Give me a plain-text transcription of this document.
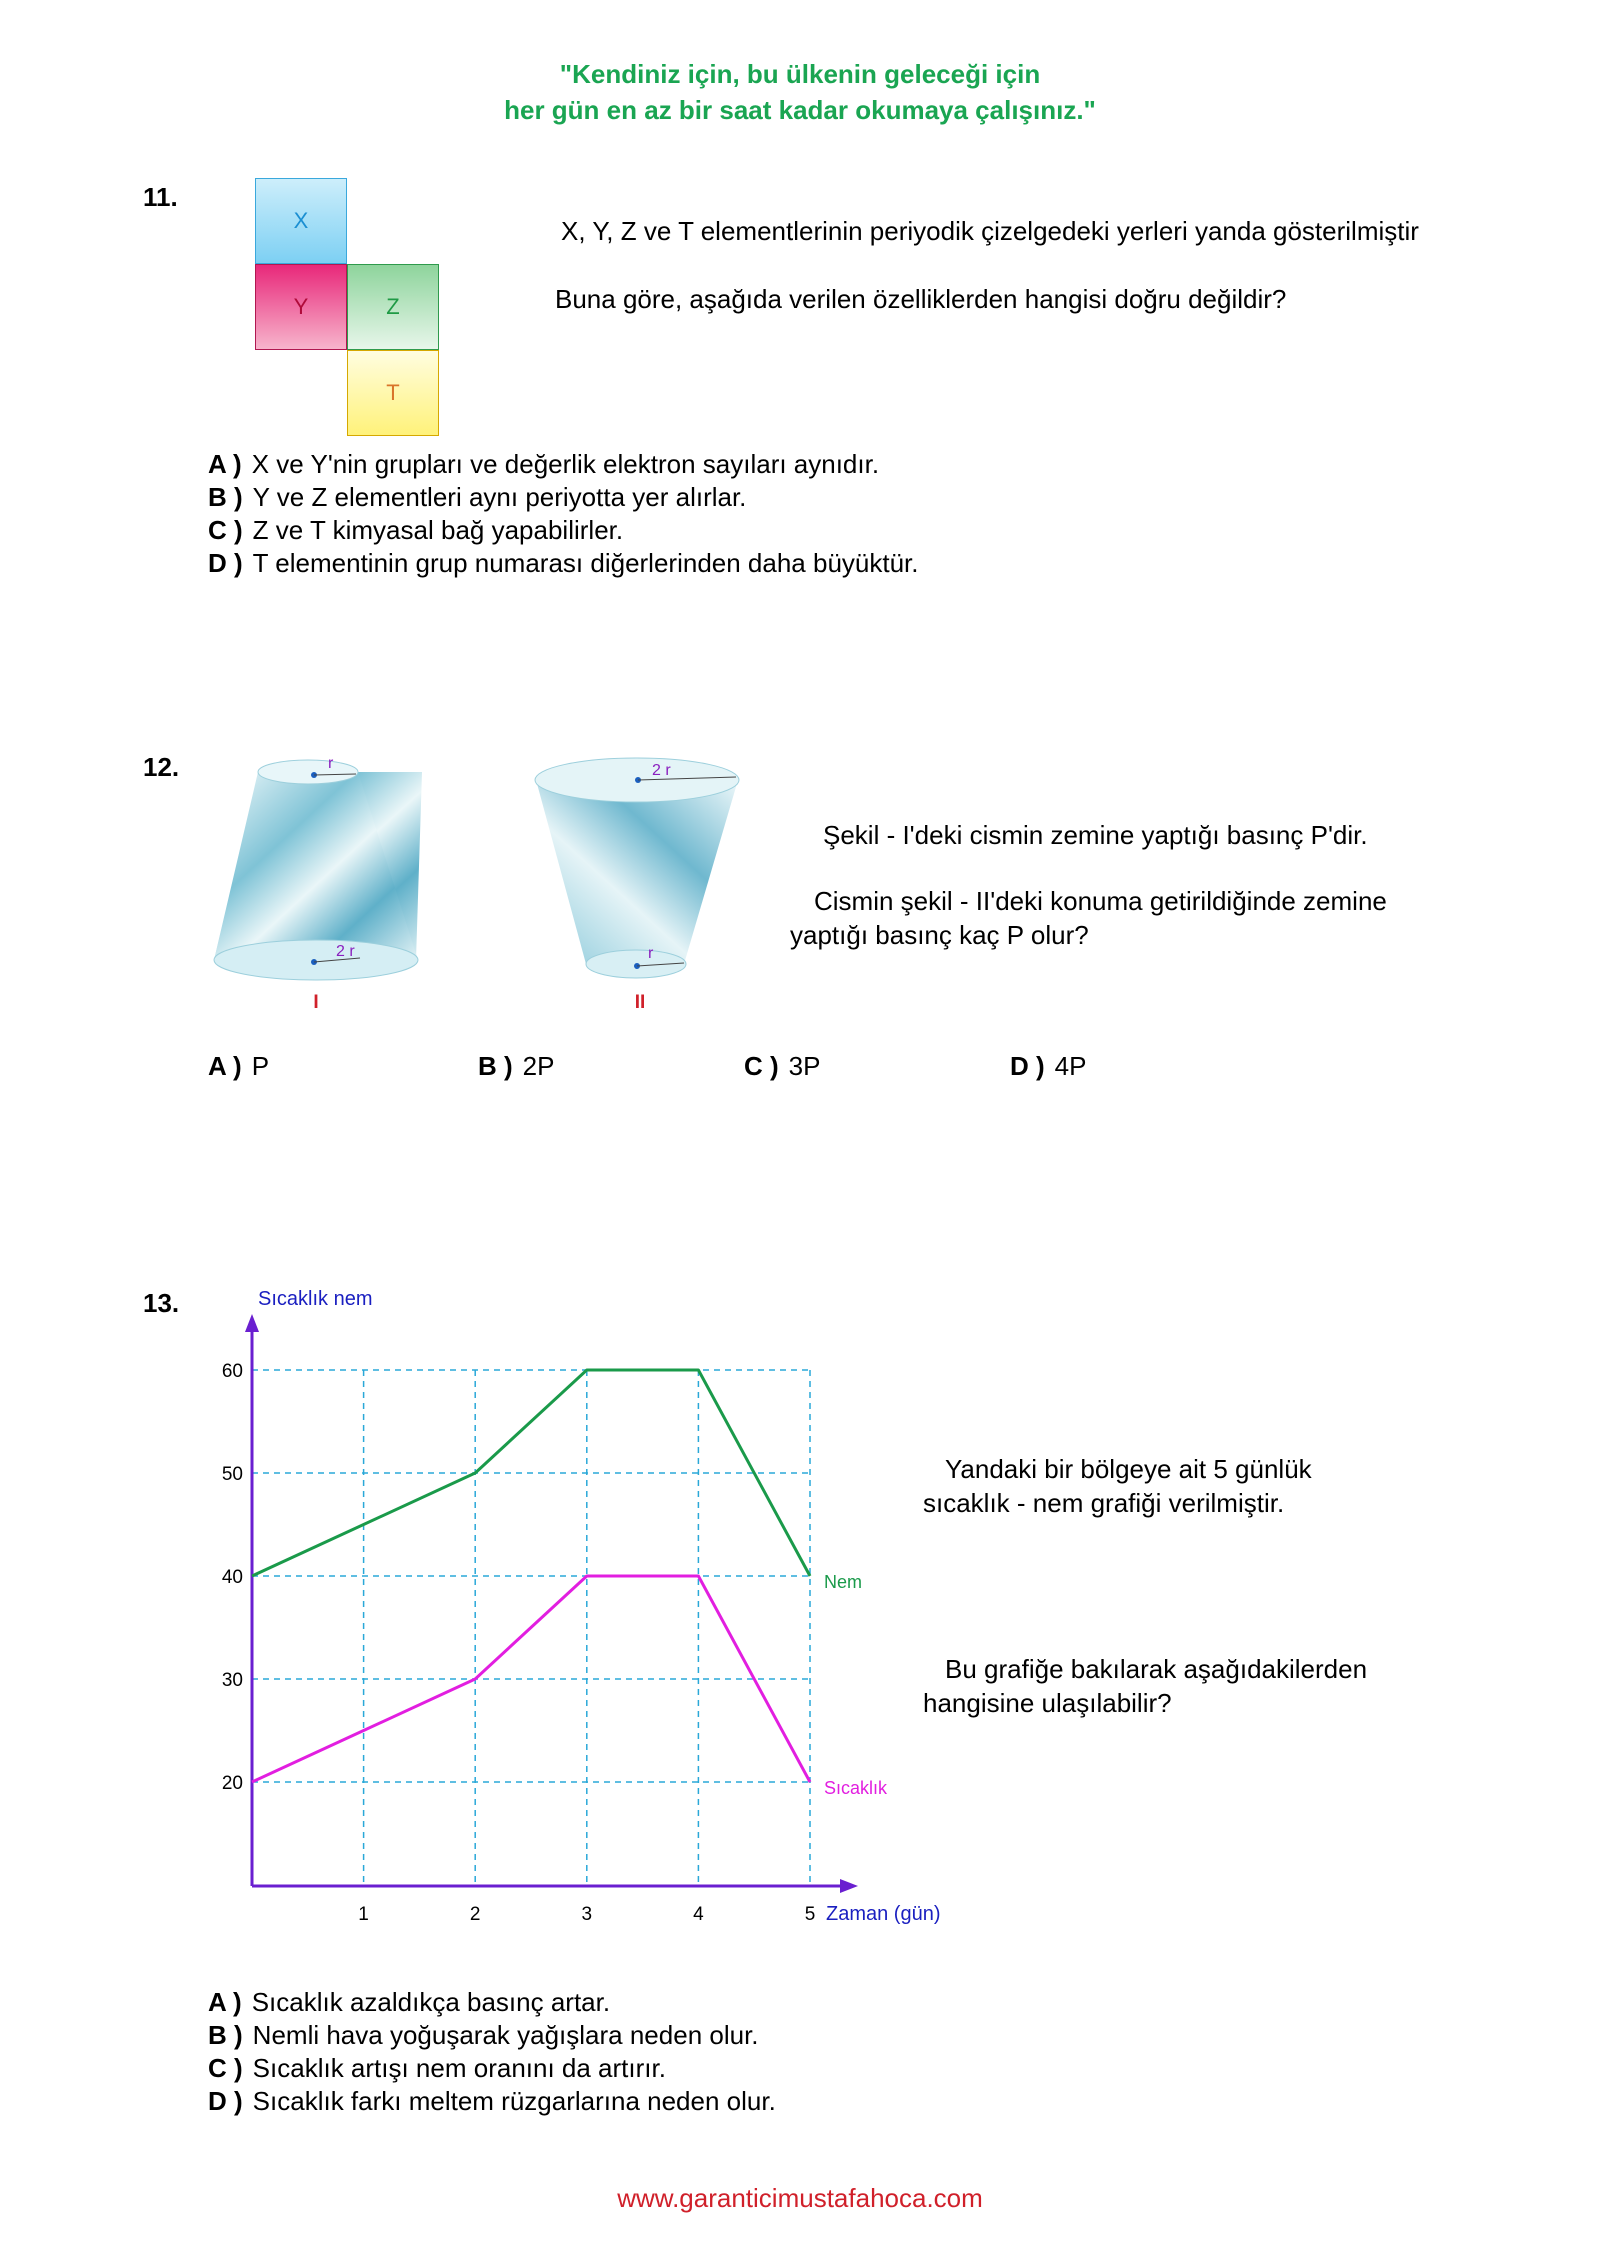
"Kendiniz için, bu ülkenin geleceği için
her gün en az bir saat kadar okumaya çalışınız."
11.
X
Y	Z
T
X, Y, Z ve T elementlerinin periyodik çizelgedeki yerleri yanda gösterilmiştir
Buna göre, aşağıda verilen özelliklerden hangisi doğru değildir?
A ) X ve Y'nin grupları ve değerlik elektron sayıları aynıdır.
B ) Y ve Z elementleri aynı periyotta yer alırlar.
C ) Z ve T kimyasal bağ yapabilirler.
D ) T elementinin grup numarası diğerlerinden daha büyüktür.
12.	r
2 r
I
2 r
r
II
Şekil - I'deki cismin zemine yaptığı basınç P'dir.
Cismin şekil - II'deki konuma getirildiğinde zemine
yaptığı basınç kaç P olur?
A ) P	B ) 2P	C ) 3P	D ) 4P
13.
20
30
40
50
60
1	2	3	4	5
Sıcaklık nem
Zaman (gün)
Nem
Sıcaklık
Yandaki bir bölgeye ait 5 günlük
sıcaklık - nem grafiği verilmiştir.
Bu grafiğe bakılarak aşağıdakilerden
hangisine ulaşılabilir?
A ) Sıcaklık azaldıkça basınç artar.
B ) Nemli hava yoğuşarak yağışlara neden olur.
C ) Sıcaklık artışı nem oranını da artırır.
D ) Sıcaklık farkı meltem rüzgarlarına neden olur.
www.garanticimustafahoca.com
